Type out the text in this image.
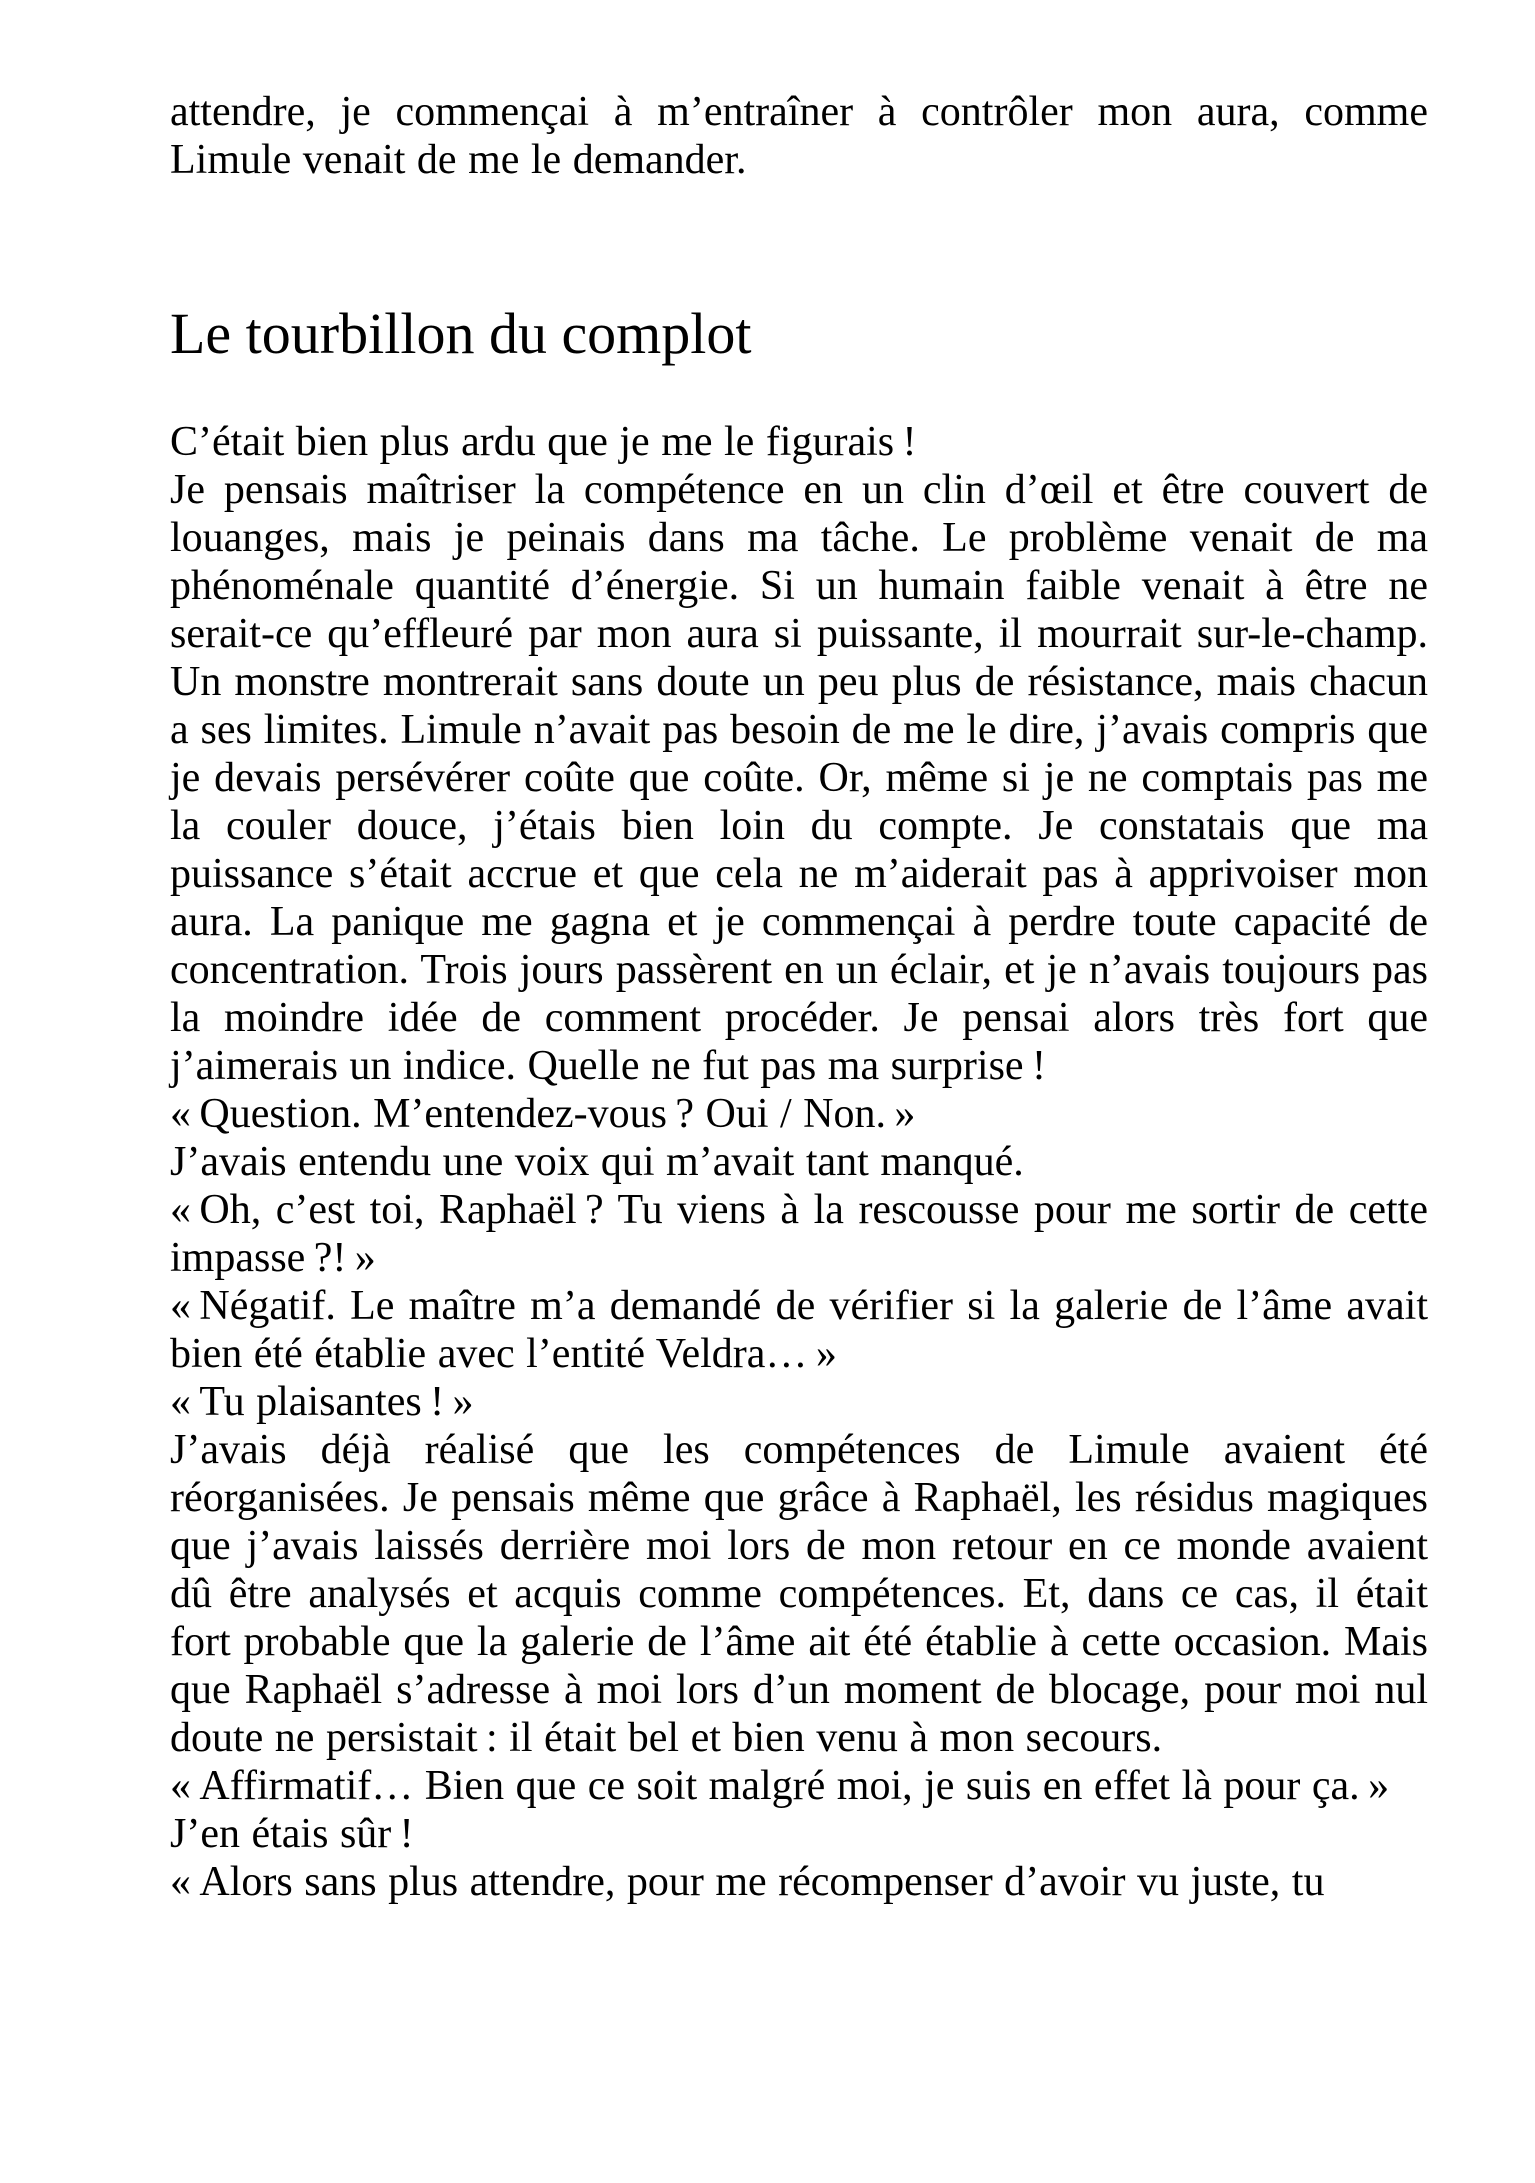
attendre, je commençai à m’entraîner à contrôler mon aura, comme Limule venait de me le demander.

Le tourbillon du complot

C’était bien plus ardu que je me le figurais !

Je pensais maîtriser la compétence en un clin d’œil et être couvert de louanges, mais je peinais dans ma tâche. Le problème venait de ma phénoménale quantité d’énergie. Si un humain faible venait à être ne serait-ce qu’effleuré par mon aura si puissante, il mourrait sur-le-champ. Un monstre montrerait sans doute un peu plus de résistance, mais chacun a ses limites. Limule n’avait pas besoin de me le dire, j’avais compris que je devais persévérer coûte que coûte. Or, même si je ne comptais pas me la couler douce, j’étais bien loin du compte. Je constatais que ma puissance s’était accrue et que cela ne m’aiderait pas à apprivoiser mon aura. La panique me gagna et je commençai à perdre toute capacité de concentration. Trois jours passèrent en un éclair, et je n’avais toujours pas la moindre idée de comment procéder. Je pensai alors très fort que j’aimerais un indice. Quelle ne fut pas ma surprise !

« Question. M’entendez-vous ? Oui / Non. »

J’avais entendu une voix qui m’avait tant manqué.

« Oh, c’est toi, Raphaël ? Tu viens à la rescousse pour me sortir de cette impasse ?! »

« Négatif. Le maître m’a demandé de vérifier si la galerie de l’âme avait bien été établie avec l’entité Veldra… »

« Tu plaisantes ! »

J’avais déjà réalisé que les compétences de Limule avaient été réorganisées. Je pensais même que grâce à Raphaël, les résidus magiques que j’avais laissés derrière moi lors de mon retour en ce monde avaient dû être analysés et acquis comme compétences. Et, dans ce cas, il était fort probable que la galerie de l’âme ait été établie à cette occasion. Mais que Raphaël s’adresse à moi lors d’un moment de blocage, pour moi nul doute ne persistait : il était bel et bien venu à mon secours.

« Affirmatif… Bien que ce soit malgré moi, je suis en effet là pour ça. »

J’en étais sûr !

« Alors sans plus attendre, pour me récompenser d’avoir vu juste, tu
